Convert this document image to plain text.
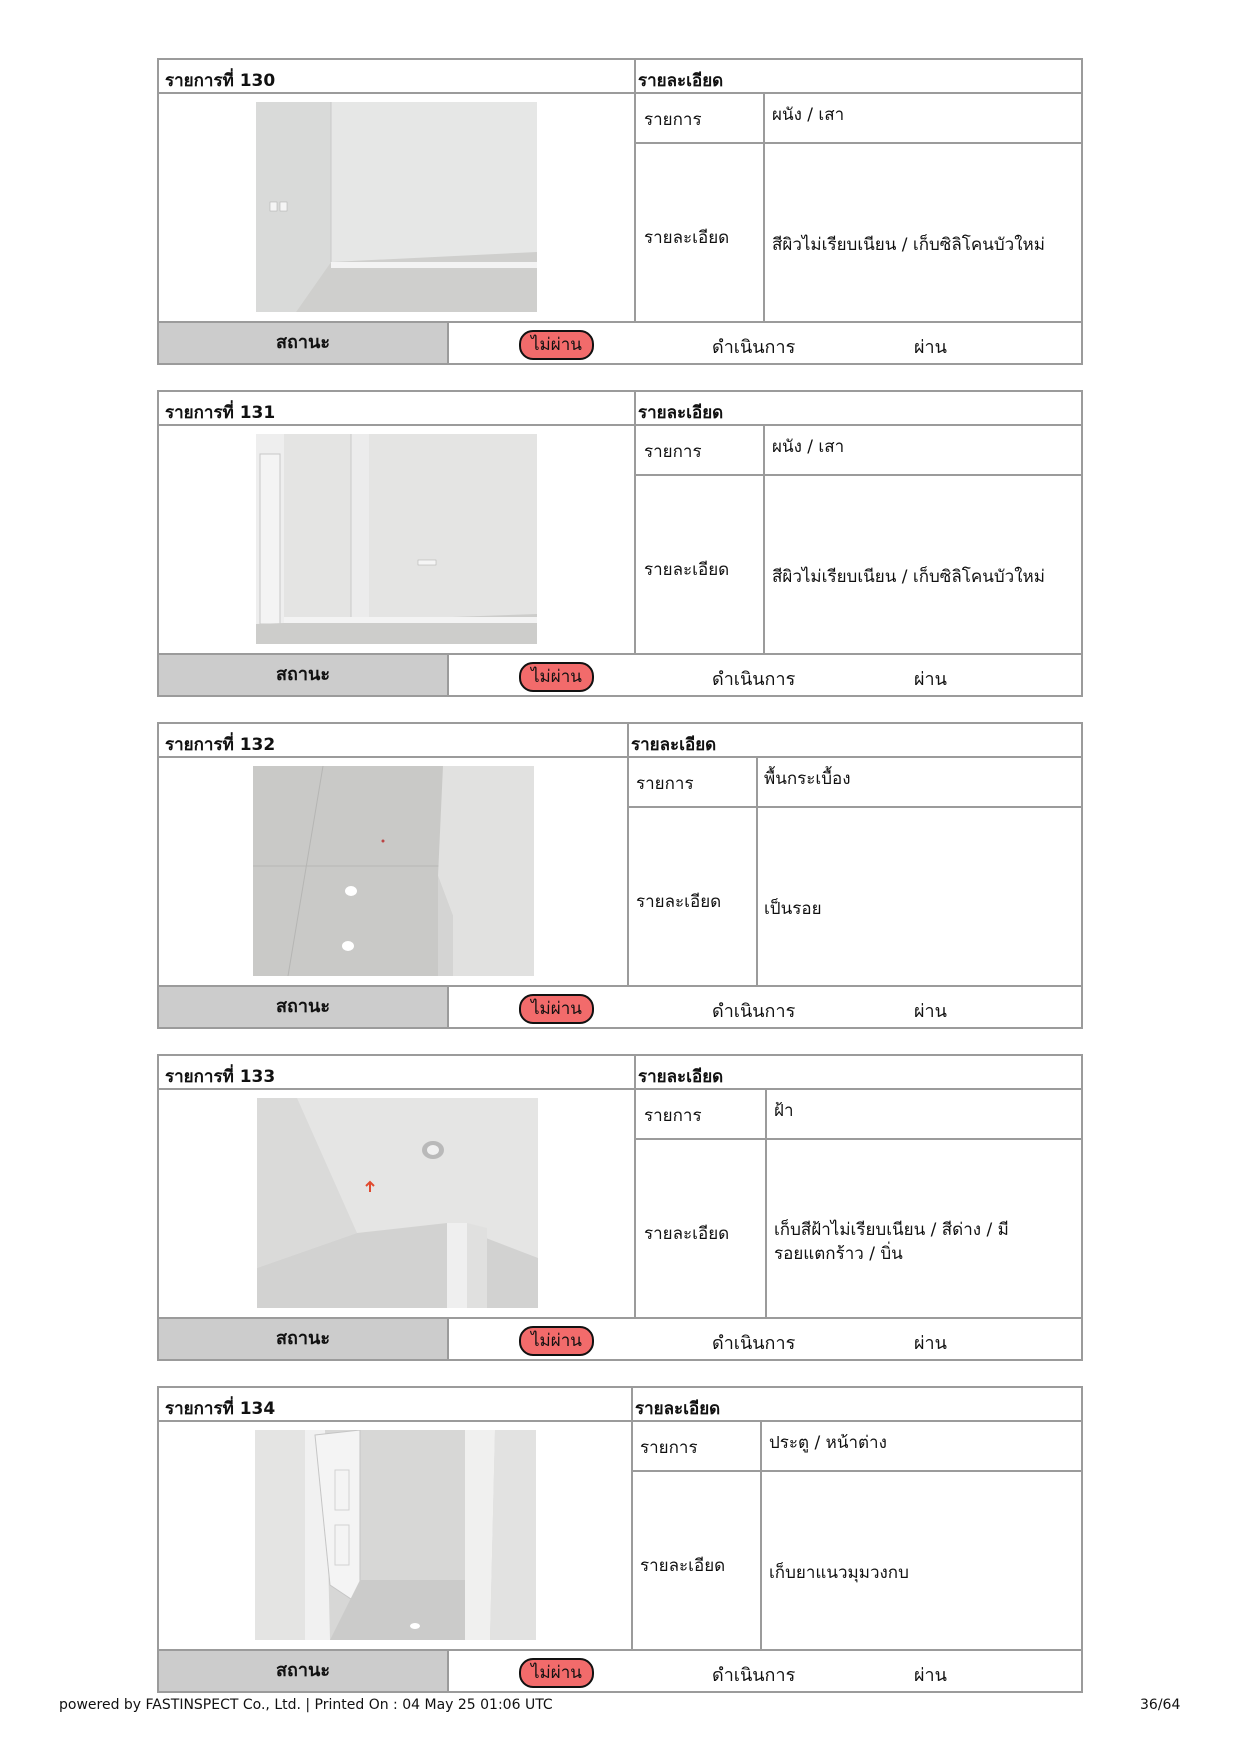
รายการที่ 130	รายละเอียด
รายการ	ผนัง / เสา
รายละเอียด	สีผิวไม่เรียบเนียน / เก็บซิลิโคนบัวใหม่
สถานะ	ไม่ผ่าน	ดำเนินการ	ผ่าน
รายการที่ 131	รายละเอียด
รายการ	ผนัง / เสา
รายละเอียด	สีผิวไม่เรียบเนียน / เก็บซิลิโคนบัวใหม่
สถานะ	ไม่ผ่าน	ดำเนินการ	ผ่าน
รายการที่ 132	รายละเอียด
รายการ	พื้นกระเบื้อง
รายละเอียด	เป็นรอย
สถานะ	ไม่ผ่าน	ดำเนินการ	ผ่าน
รายการที่ 133	รายละเอียด
รายการ	ฝ้า
รายละเอียด	เก็บสีฝ้าไม่เรียบเนียน / สีด่าง / มีรอยแตกร้าว / บิ่น
สถานะ	ไม่ผ่าน	ดำเนินการ	ผ่าน
รายการที่ 134	รายละเอียด
รายการ	ประตู / หน้าต่าง
รายละเอียด	เก็บยาแนวมุมวงกบ
สถานะ	ไม่ผ่าน	ดำเนินการ	ผ่าน
powered by FASTINSPECT Co., Ltd. | Printed On : 04 May 25 01:06 UTC	36/64
